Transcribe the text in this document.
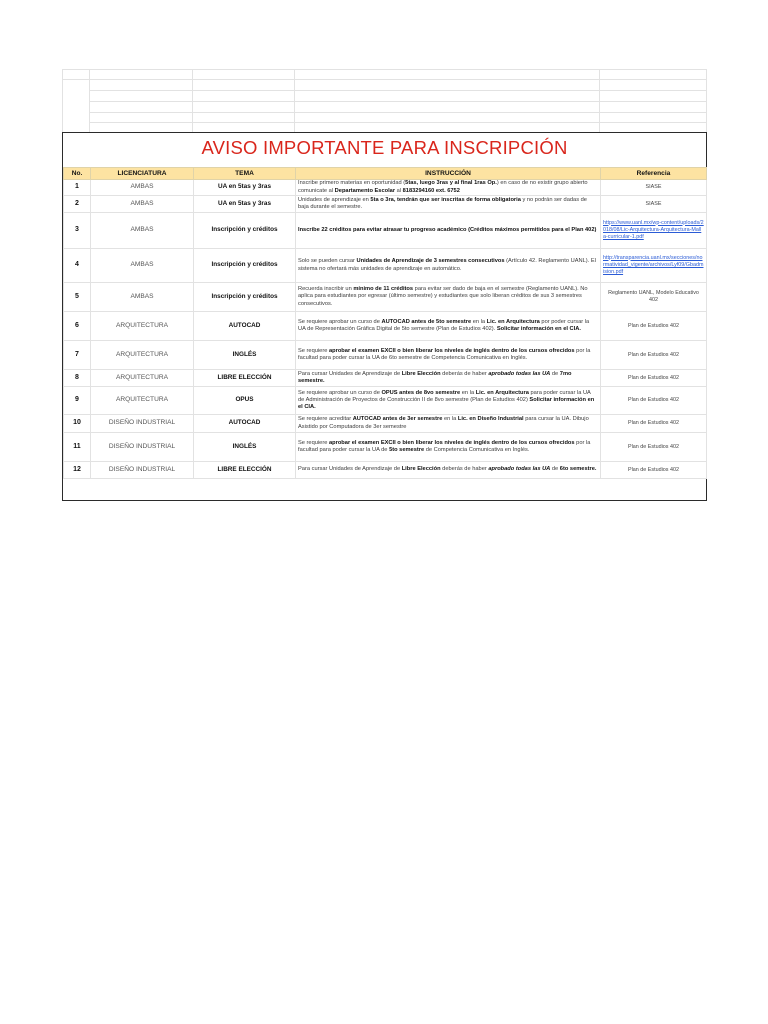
AVISO IMPORTANTE PARA INSCRIPCIÓN
No.	LICENCIATURA	TEMA	INSTRUCCIÓN	Referencia
1	AMBAS	UA en 5tas y 3ras	Inscribe primero materias en oportunidad (5tas, luego 3ras y al final 1ras Op.) en caso de no existir grupo abierto comunicate al Departamento Escolar al 8183294160 ext. 6752	SIASE
2	AMBAS	UA en 5tas y 3ras	Unidades de aprendizaje en 5ta o 3ra, tendrán que ser inscritas de forma obligatoria y no podrán ser dadas de baja durante el semestre.	SIASE
3	AMBAS	Inscripción y créditos	Inscribe 22 créditos para evitar atrasar tu progreso académico (Créditos máximos permitidos para el Plan 402)	https://www.uanl.mx/wp-content/uploads/2018/08/Lic-Arquitectura-Arquitectura-Malla-curricular-1.pdf
4	AMBAS	Inscripción y créditos	Solo se pueden cursar Unidades de Aprendizaje de 3 semestres consecutivos (Artículo 42. Reglamento UANL). El sistema no ofertará más unidades de aprendizaje en automático.	http://transparencia.uanl.mx/secciones/normatividad_vigente/archivos/Lyf09/Gbadmision.pdf
5	AMBAS	Inscripción y créditos	Recuerda inscribir un mínimo de 11 créditos para evitar ser dado de baja en el semestre (Reglamento UANL). No aplica para estudiantes por egresar (último semestre) y estudiantes que solo liberan créditos de sus 3 semestres consecutivos.	Reglamento UANL, Modelo Educativo 402
6	ARQUITECTURA	AUTOCAD	Se requiere aprobar un curso de AUTOCAD antes de 5to semestre en la Lic. en Arquitectura por poder cursar la UA de Representación Gráfica Digital de 5to semestre (Plan de Estudios 402). Solicitar información en el CIA.	Plan de Estudios 402
7	ARQUITECTURA	INGLÉS	Se requiere aprobar el examen EXCII o bien liberar los niveles de inglés dentro de los cursos ofrecidos por la facultad para poder cursar la UA de 6to semestre de Competencia Comunicativa en Inglés.	Plan de Estudios 402
8	ARQUITECTURA	LIBRE ELECCIÓN	Para cursar Unidades de Aprendizaje de Libre Elección deberás de haber aprobado todas las UA de 7mo semestre.	Plan de Estudios 402
9	ARQUITECTURA	OPUS	Se requiere aprobar un curso de OPUS antes de 8vo semestre en la Lic. en Arquitectura para poder cursar la UA de Administración de Proyectos de Construcción II de 8vo semestre (Plan de Estudios 402) Solicitar información en el CIA.	Plan de Estudios 402
10	DISEÑO INDUSTRIAL	AUTOCAD	Se requiere acreditar AUTOCAD antes de 3er semestre en la Lic. en Diseño Industrial para cursar la UA. Dibujo Asistido por Computadora de 3er semestre	Plan de Estudios 402
11	DISEÑO INDUSTRIAL	INGLÉS	Se requiere aprobar el examen EXCII o bien liberar los niveles de inglés dentro de los cursos ofrecidos por la facultad para poder cursar la UA de 5to semestre de Competencia Comunicativa en Inglés.	Plan de Estudios 402
12	DISEÑO INDUSTRIAL	LIBRE ELECCIÓN	Para cursar Unidades de Aprendizaje de Libre Elección deberás de haber aprobado todas las UA de 6to semestre.	Plan de Estudios 402
